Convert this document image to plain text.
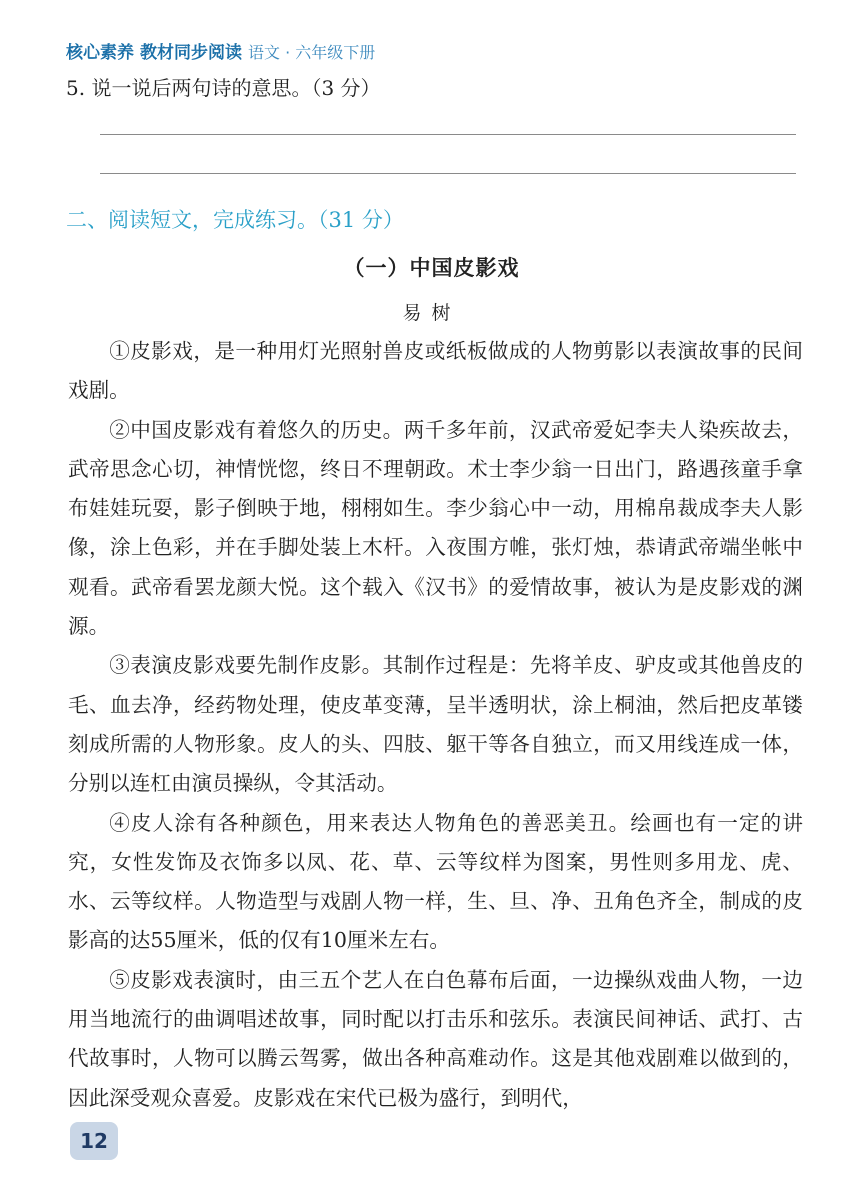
核心素养 教材同步阅读 语文 · 六年级下册
5. 说一说后两句诗的意思。（3 分）
二、阅读短文，完成练习。（31 分）
（一）中国皮影戏
易树

①皮影戏，是一种用灯光照射兽皮或纸板做成的人物剪影以表演故事的民间戏剧。

②中国皮影戏有着悠久的历史。两千多年前，汉武帝爱妃李夫人染疾故去，武帝思念心切，神情恍惚，终日不理朝政。术士李少翁一日出门，路遇孩童手拿布娃娃玩耍，影子倒映于地，栩栩如生。李少翁心中一动，用棉帛裁成李夫人影像，涂上色彩，并在手脚处装上木杆。入夜围方帷，张灯烛，恭请武帝端坐帐中观看。武帝看罢龙颜大悦。这个载入《汉书》的爱情故事，被认为是皮影戏的渊源。

③表演皮影戏要先制作皮影。其制作过程是：先将羊皮、驴皮或其他兽皮的毛、血去净，经药物处理，使皮革变薄，呈半透明状，涂上桐油，然后把皮革镂刻成所需的人物形象。皮人的头、四肢、躯干等各自独立，而又用线连成一体，分别以连杠由演员操纵，令其活动。

④皮人涂有各种颜色，用来表达人物角色的善恶美丑。绘画也有一定的讲究，女性发饰及衣饰多以凤、花、草、云等纹样为图案，男性则多用龙、虎、水、云等纹样。人物造型与戏剧人物一样，生、旦、净、丑角色齐全，制成的皮影高的达55厘米，低的仅有10厘米左右。

⑤皮影戏表演时，由三五个艺人在白色幕布后面，一边操纵戏曲人物，一边用当地流行的曲调唱述故事，同时配以打击乐和弦乐。表演民间神话、武打、古代故事时，人物可以腾云驾雾，做出各种高难动作。这是其他戏剧难以做到的，因此深受观众喜爱。皮影戏在宋代已极为盛行，到明代，

12
